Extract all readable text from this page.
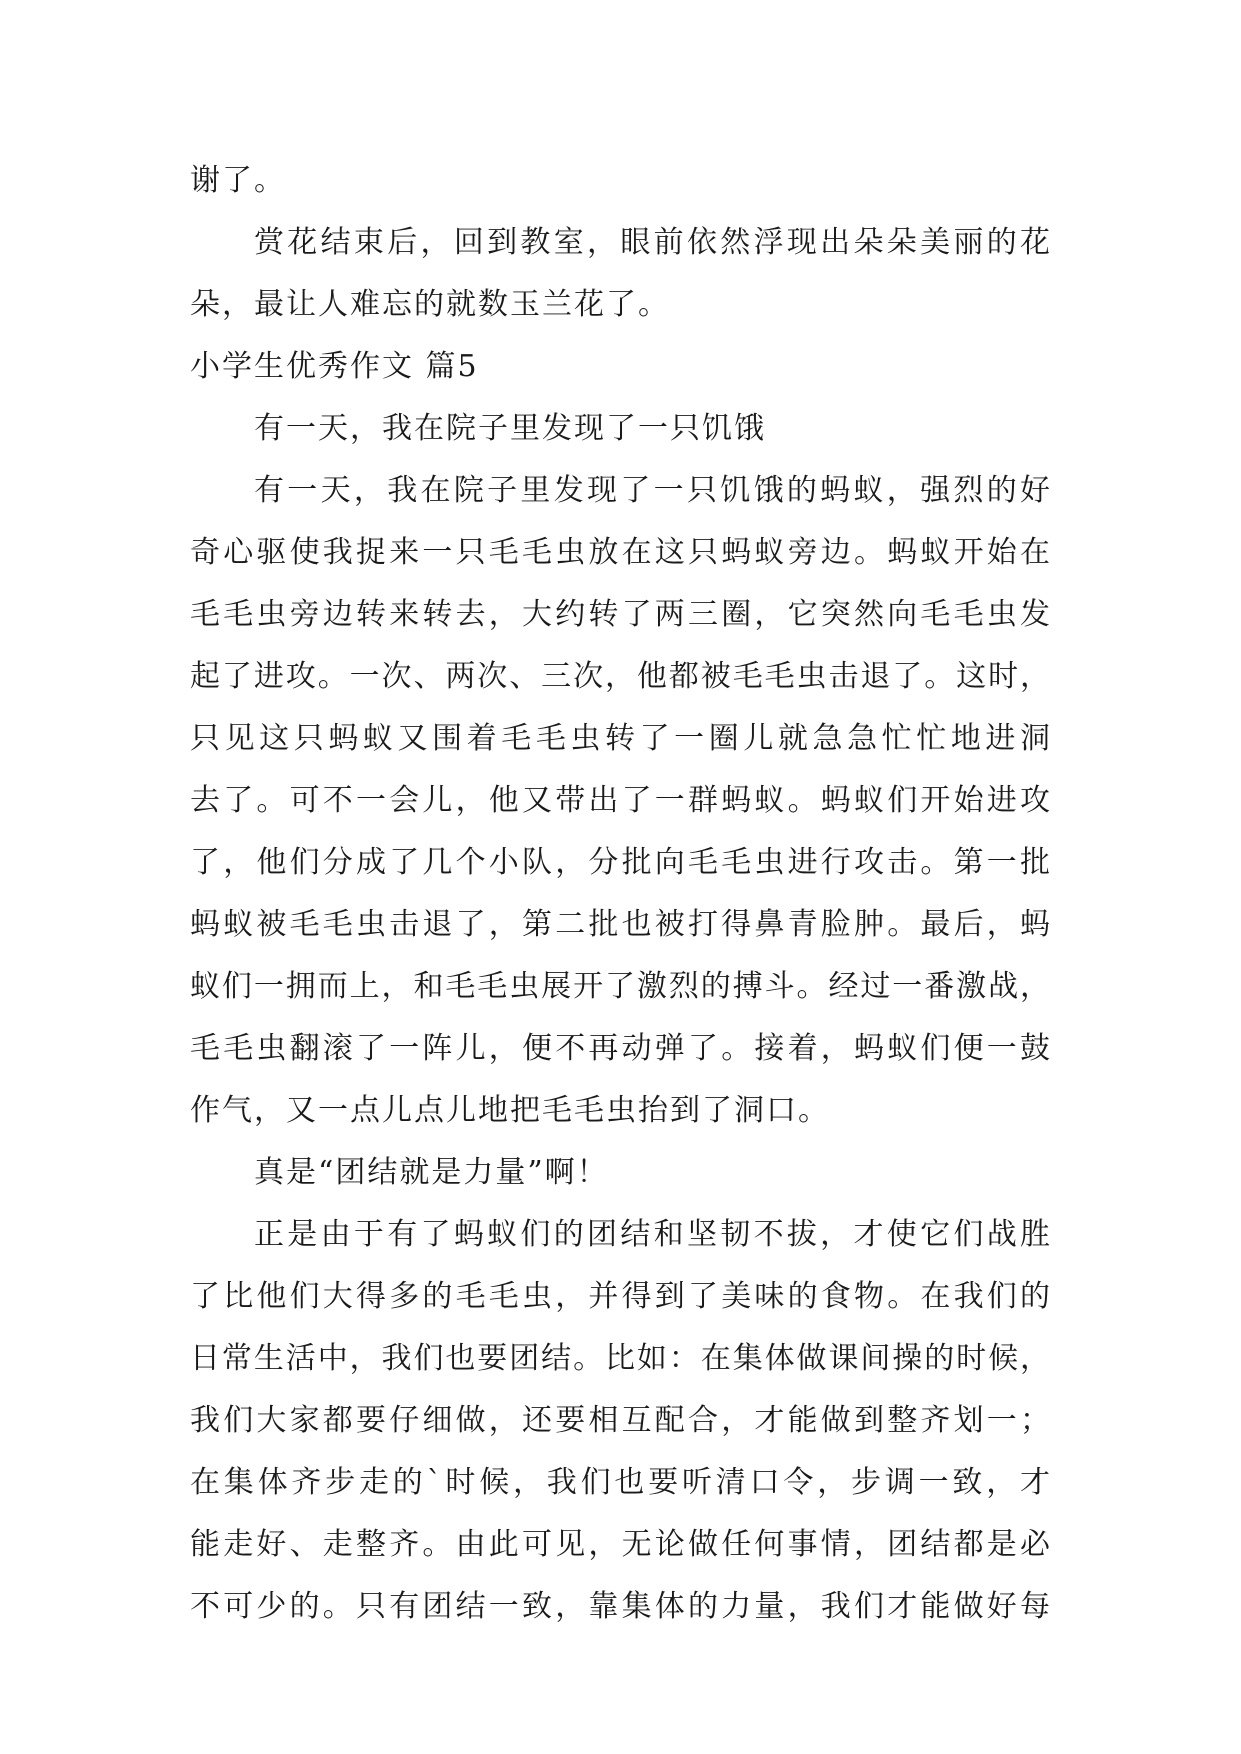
谢了。
赏花结束后，回到教室，眼前依然浮现出朵朵美丽的花
朵，最让人难忘的就数玉兰花了。
小学生优秀作文 篇5
有一天，我在院子里发现了一只饥饿
有一天，我在院子里发现了一只饥饿的蚂蚁，强烈的好
奇心驱使我捉来一只毛毛虫放在这只蚂蚁旁边。蚂蚁开始在
毛毛虫旁边转来转去，大约转了两三圈，它突然向毛毛虫发
起了进攻。一次、两次、三次，他都被毛毛虫击退了。这时，
只见这只蚂蚁又围着毛毛虫转了一圈儿就急急忙忙地进洞
去了。可不一会儿，他又带出了一群蚂蚁。蚂蚁们开始进攻
了，他们分成了几个小队，分批向毛毛虫进行攻击。第一批
蚂蚁被毛毛虫击退了，第二批也被打得鼻青脸肿。最后，蚂
蚁们一拥而上，和毛毛虫展开了激烈的搏斗。经过一番激战，
毛毛虫翻滚了一阵儿，便不再动弹了。接着，蚂蚁们便一鼓
作气，又一点儿点儿地把毛毛虫抬到了洞口。
真是“团结就是力量”啊！
正是由于有了蚂蚁们的团结和坚韧不拔，才使它们战胜
了比他们大得多的毛毛虫，并得到了美味的食物。在我们的
日常生活中，我们也要团结。比如：在集体做课间操的时候，
我们大家都要仔细做，还要相互配合，才能做到整齐划一；
在集体齐步走的`时候，我们也要听清口令，步调一致，才
能走好、走整齐。由此可见，无论做任何事情，团结都是必
不可少的。只有团结一致，靠集体的力量，我们才能做好每
